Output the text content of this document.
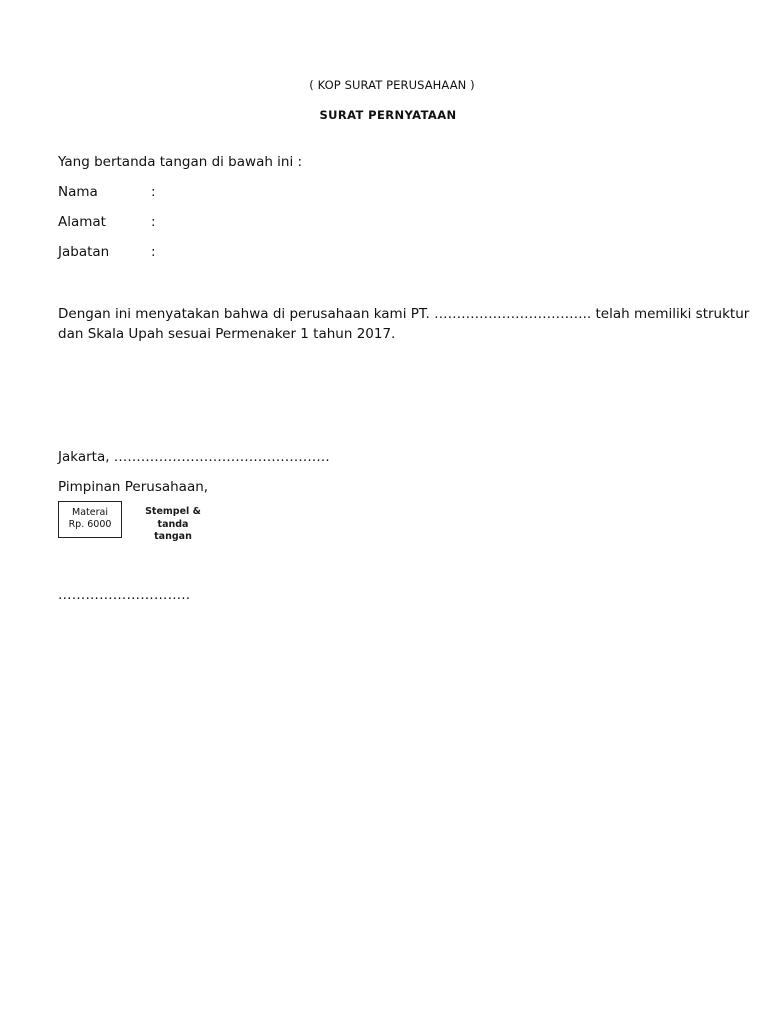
( KOP SURAT PERUSAHAAN )
SURAT PERNYATAAN
Yang bertanda tangan di bawah ini :
Nama	:
Alamat	:
Jabatan	:
Dengan ini menyatakan bahwa di perusahaan kami PT. …………………………….. telah memiliki struktur
dan Skala Upah sesuai Permenaker 1 tahun 2017.
Jakarta, …………………………………………
Pimpinan Perusahaan,
Materai
Rp. 6000
Stempel &
tanda
tangan
………………………..
